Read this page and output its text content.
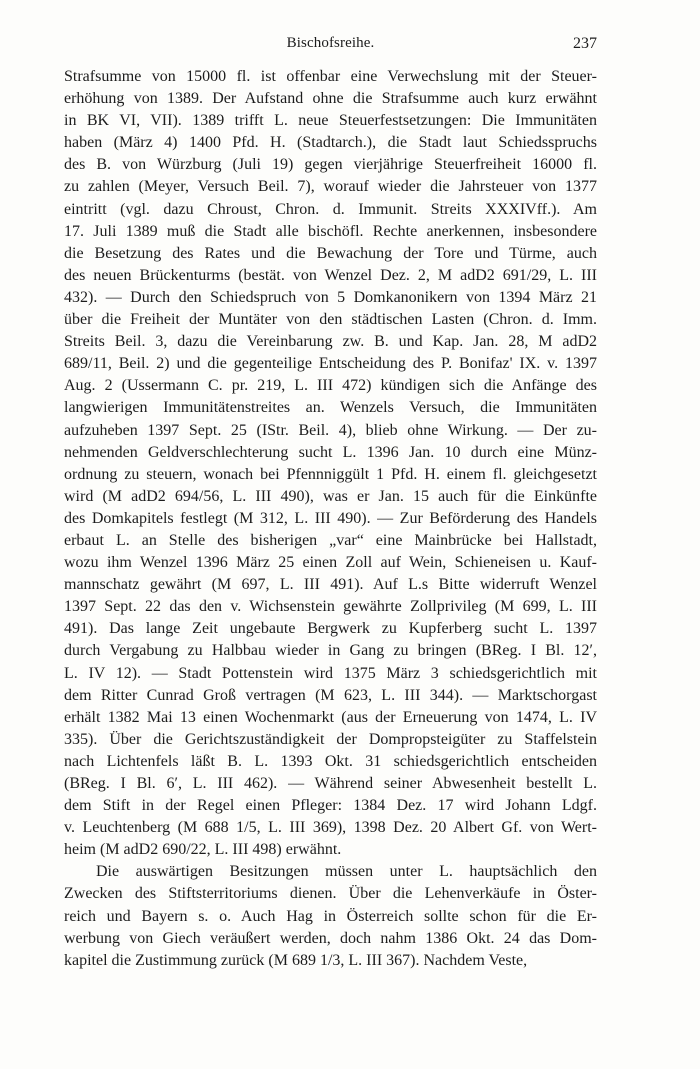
Bischofsreihe.	237
Strafsumme von 15000 fl. ist offenbar eine Verwechslung mit der Steuer-
erhöhung von 1389. Der Aufstand ohne die Strafsumme auch kurz erwähnt
in BK VI, VII). 1389 trifft L. neue Steuerfestsetzungen: Die Immunitäten
haben (März 4) 1400 Pfd. H. (Stadtarch.), die Stadt laut Schiedsspruchs
des B. von Würzburg (Juli 19) gegen vierjährige Steuerfreiheit 16000 fl.
zu zahlen (Meyer, Versuch Beil. 7), worauf wieder die Jahrsteuer von 1377
eintritt (vgl. dazu Chroust, Chron. d. Immunit. Streits XXXIVff.). Am
17. Juli 1389 muß die Stadt alle bischöfl. Rechte anerkennen, insbesondere
die Besetzung des Rates und die Bewachung der Tore und Türme, auch
des neuen Brückenturms (bestät. von Wenzel Dez. 2, M adD2 691/29, L. III
432). — Durch den Schiedspruch von 5 Domkanonikern von 1394 März 21
über die Freiheit der Muntäter von den städtischen Lasten (Chron. d. Imm.
Streits Beil. 3, dazu die Vereinbarung zw. B. und Kap. Jan. 28, M adD2
689/11, Beil. 2) und die gegenteilige Entscheidung des P. Bonifaz' IX. v. 1397
Aug. 2 (Ussermann C. pr. 219, L. III 472) kündigen sich die Anfänge des
langwierigen Immunitätenstreites an. Wenzels Versuch, die Immunitäten
aufzuheben 1397 Sept. 25 (IStr. Beil. 4), blieb ohne Wirkung. — Der zu-
nehmenden Geldverschlechterung sucht L. 1396 Jan. 10 durch eine Münz-
ordnung zu steuern, wonach bei Pfennniggült 1 Pfd. H. einem fl. gleichgesetzt
wird (M adD2 694/56, L. III 490), was er Jan. 15 auch für die Einkünfte
des Domkapitels festlegt (M 312, L. III 490). — Zur Beförderung des Handels
erbaut L. an Stelle des bisherigen „var“ eine Mainbrücke bei Hallstadt,
wozu ihm Wenzel 1396 März 25 einen Zoll auf Wein, Schieneisen u. Kauf-
mannschatz gewährt (M 697, L. III 491). Auf L.s Bitte widerruft Wenzel
1397 Sept. 22 das den v. Wichsenstein gewährte Zollprivileg (M 699, L. III
491). Das lange Zeit ungebaute Bergwerk zu Kupferberg sucht L. 1397
durch Vergabung zu Halbbau wieder in Gang zu bringen (BReg. I Bl. 12′,
L. IV 12). — Stadt Pottenstein wird 1375 März 3 schiedsgerichtlich mit
dem Ritter Cunrad Groß vertragen (M 623, L. III 344). — Marktschorgast
erhält 1382 Mai 13 einen Wochenmarkt (aus der Erneuerung von 1474, L. IV
335). Über die Gerichtszuständigkeit der Dompropsteigüter zu Staffelstein
nach Lichtenfels läßt B. L. 1393 Okt. 31 schiedsgerichtlich entscheiden
(BReg. I Bl. 6′, L. III 462). — Während seiner Abwesenheit bestellt L.
dem Stift in der Regel einen Pfleger: 1384 Dez. 17 wird Johann Ldgf.
v. Leuchtenberg (M 688 1/5, L. III 369), 1398 Dez. 20 Albert Gf. von Wert-
heim (M adD2 690/22, L. III 498) erwähnt.
Die auswärtigen Besitzungen müssen unter L. hauptsächlich den
Zwecken des Stiftsterritoriums dienen. Über die Lehenverkäufe in Öster-
reich und Bayern s. o. Auch Hag in Österreich sollte schon für die Er-
werbung von Giech veräußert werden, doch nahm 1386 Okt. 24 das Dom-
kapitel die Zustimmung zurück (M 689 1/3, L. III 367). Nachdem Veste,
